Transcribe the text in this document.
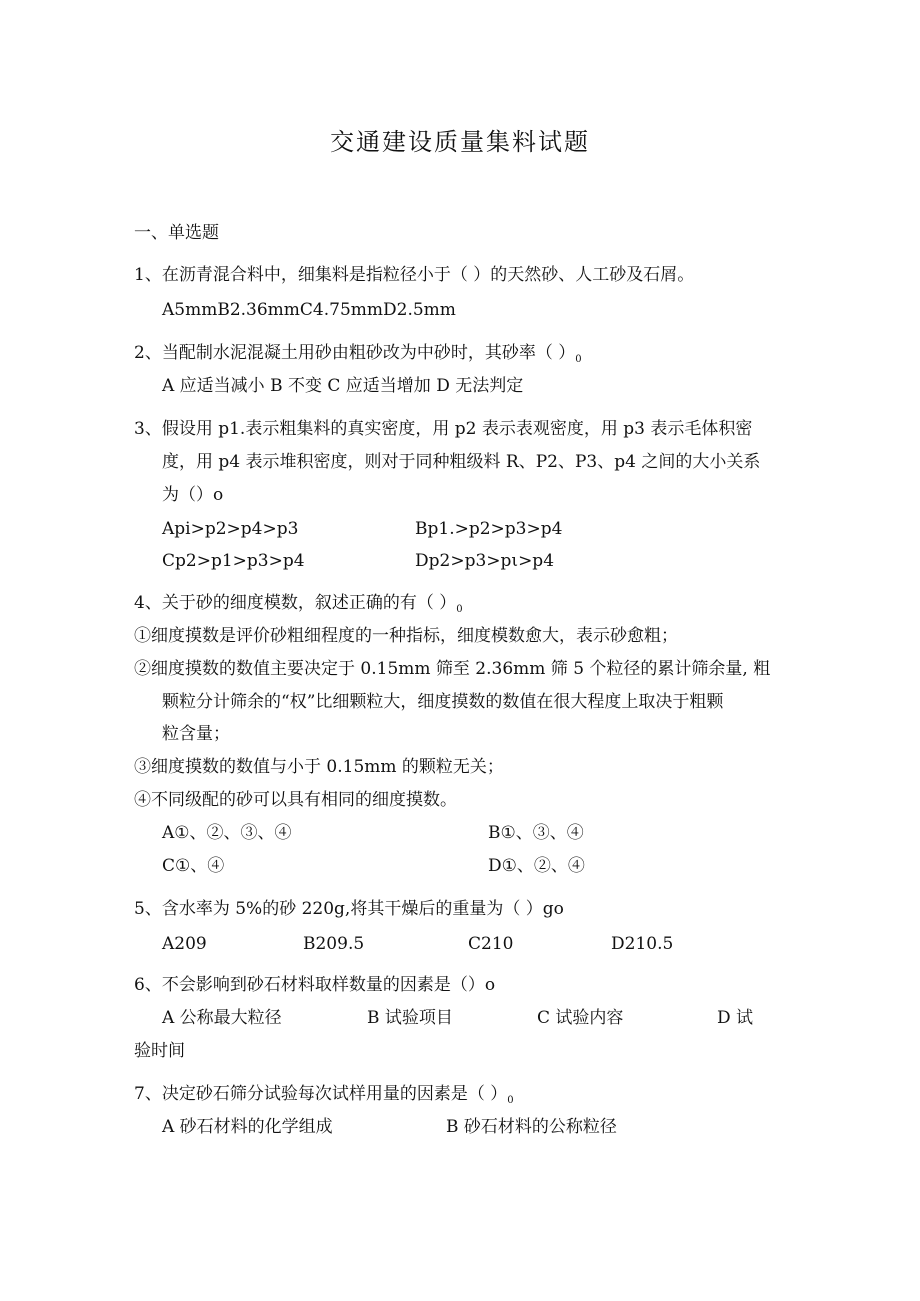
交通建设质量集料试题
一、单选题
1、在沥青混合料中，细集料是指粒径小于（ ）的天然砂、人工砂及石屑。
A5mmB2.36mmC4.75mmD2.5mm
2、当配制水泥混凝土用砂由粗砂改为中砂时，其砂率（ ）$_0$
A 应适当减小 B 不变 C 应适当增加 D 无法判定
3、假设用 p1.表示粗集料的真实密度，用 p2 表示表观密度，用 p3 表示毛体积密
度，用 p4 表示堆积密度，则对于同种粗级料 R、P2、P3、p4 之间的大小关系
为（）o
Api>p2>p4>p3	Bp1.>p2>p3>p4
Cp2>p1>p3>p4	Dp2>p3>pι>p4
4、关于砂的细度模数，叙述正确的有（ ）$_0$
①细度摸数是评价砂粗细程度的一种指标，细度模数愈大，表示砂愈粗；
②细度摸数的数值主要决定于 0.15mm 筛至 2.36mm 筛 5 个粒径的累计筛余量, 粗
颗粒分计筛余的“权”比细颗粒大，细度摸数的数值在很大程度上取决于粗颗
粒含量；
③细度摸数的数值与小于 0.15mm 的颗粒无关；
④不同级配的砂可以具有相同的细度摸数。
A①、②、③、④	B①、③、④
C①、④	D①、②、④
5、含水率为 5%的砂 220g,将其干燥后的重量为（ ）go
A209	B209.5	C210	D210.5
6、不会影响到砂石材料取样数量的因素是（）o
A 公称最大粒径	B 试验项目	C 试验内容	D 试
验时间
7、决定砂石筛分试验每次试样用量的因素是（ ）$_0$
A 砂石材料的化学组成	B 砂石材料的公称粒径
